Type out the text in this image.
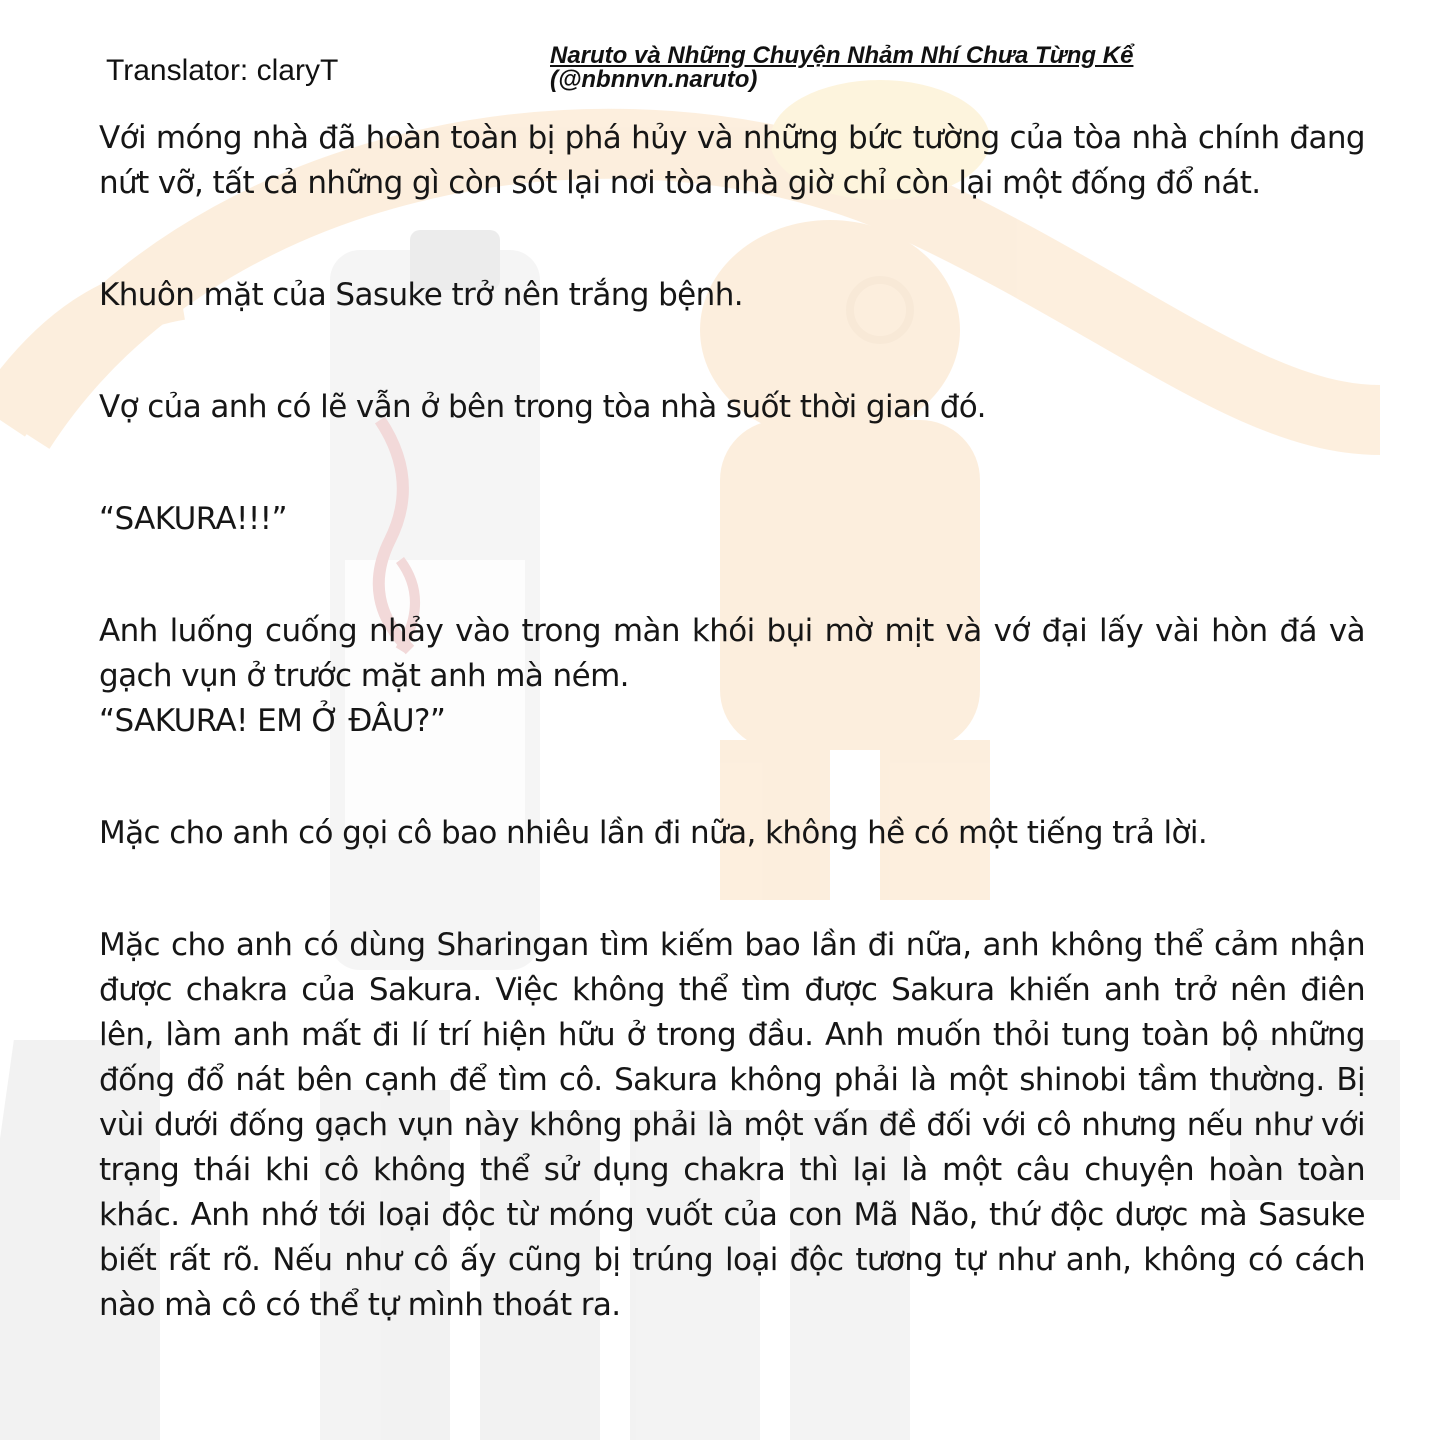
Translator: claryT	Naruto và Những Chuyện Nhảm Nhí Chưa Từng Kể
(@nbnnvn.naruto)

Với móng nhà đã hoàn toàn bị phá hủy và những bức tường của tòa nhà chính đang nứt vỡ, tất cả những gì còn sót lại nơi tòa nhà giờ chỉ còn lại một đống đổ nát.

Khuôn mặt của Sasuke trở nên trắng bệnh.

Vợ của anh có lẽ vẫn ở bên trong tòa nhà suốt thời gian đó.

“SAKURA!!!”

Anh luống cuống nhảy vào trong màn khói bụi mờ mịt và vớ đại lấy vài hòn đá và gạch vụn ở trước mặt anh mà ném.

“SAKURA! EM Ở ĐÂU?”

Mặc cho anh có gọi cô bao nhiêu lần đi nữa, không hề có một tiếng trả lời.

Mặc cho anh có dùng Sharingan tìm kiếm bao lần đi nữa, anh không thể cảm nhận được chakra của Sakura. Việc không thể tìm được Sakura khiến anh trở nên điên lên, làm anh mất đi lí trí hiện hữu ở trong đầu. Anh muốn thỏi tung toàn bộ những đống đổ nát bên cạnh để tìm cô. Sakura không phải là một shinobi tầm thường. Bị vùi dưới đống gạch vụn này không phải là một vấn đề đối với cô nhưng nếu như với trạng thái khi cô không thể sử dụng chakra thì lại là một câu chuyện hoàn toàn khác. Anh nhớ tới loại độc từ móng vuốt của con Mã Não, thứ độc dược mà Sasuke biết rất rõ. Nếu như cô ấy cũng bị trúng loại độc tương tự như anh, không có cách nào mà cô có thể tự mình thoát ra.
